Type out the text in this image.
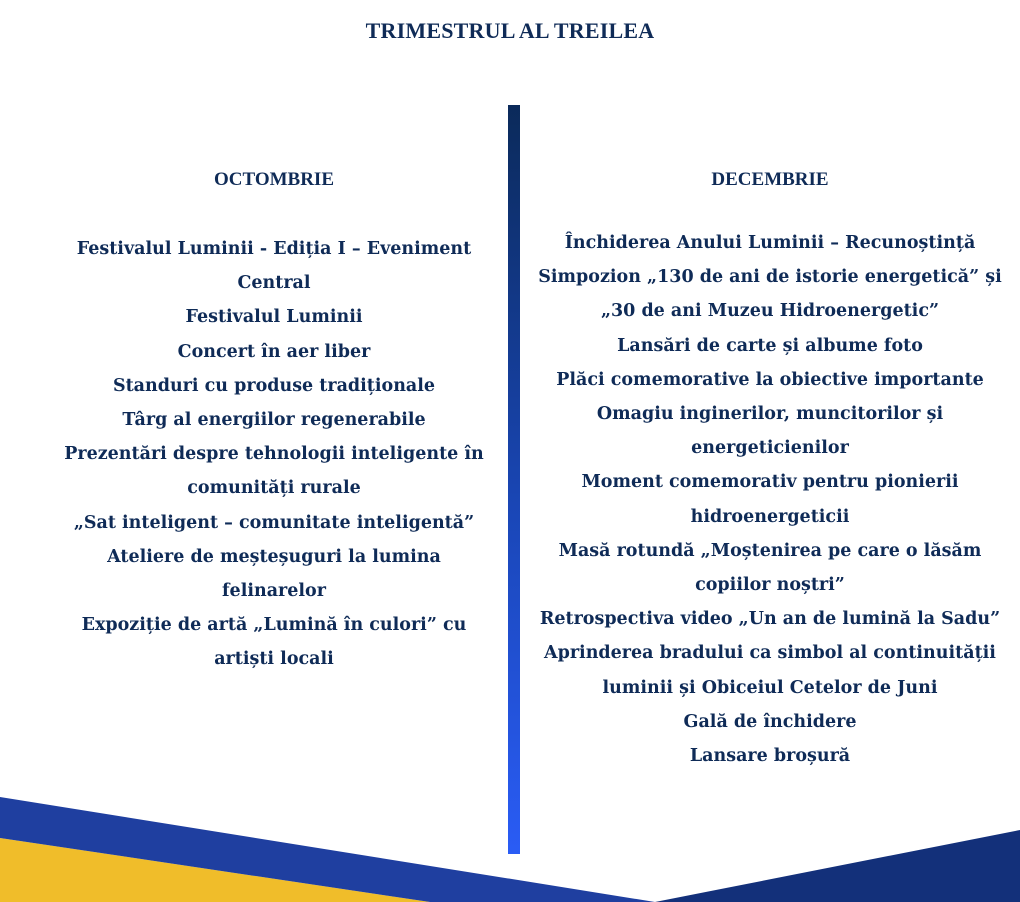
TRIMESTRUL AL TREILEA
OCTOMBRIE
Festivalul Luminii - Ediția I – Eveniment Central
Festivalul Luminii
Concert în aer liber
Standuri cu produse tradiționale
Târg al energiilor regenerabile
Prezentări despre tehnologii inteligente în comunități rurale
„Sat inteligent – comunitate inteligentă”
Ateliere de meșteșuguri la lumina felinarelor
Expoziție de artă „Lumină în culori” cu artiști locali
DECEMBRIE
Închiderea Anului Luminii – Recunoștință
Simpozion „130 de ani de istorie energetică” și „30 de ani Muzeu Hidroenergetic”
Lansări de carte și albume foto
Plăci comemorative la obiective importante
Omagiu inginerilor, muncitorilor și energeticienilor
Moment comemorativ pentru pionierii hidroenergeticii
Masă rotundă „Moștenirea pe care o lăsăm copiilor noștri”
Retrospectiva video „Un an de lumină la Sadu”
Aprinderea bradului ca simbol al continuității luminii și Obiceiul Cetelor de Juni
Gală de închidere
Lansare broșură
